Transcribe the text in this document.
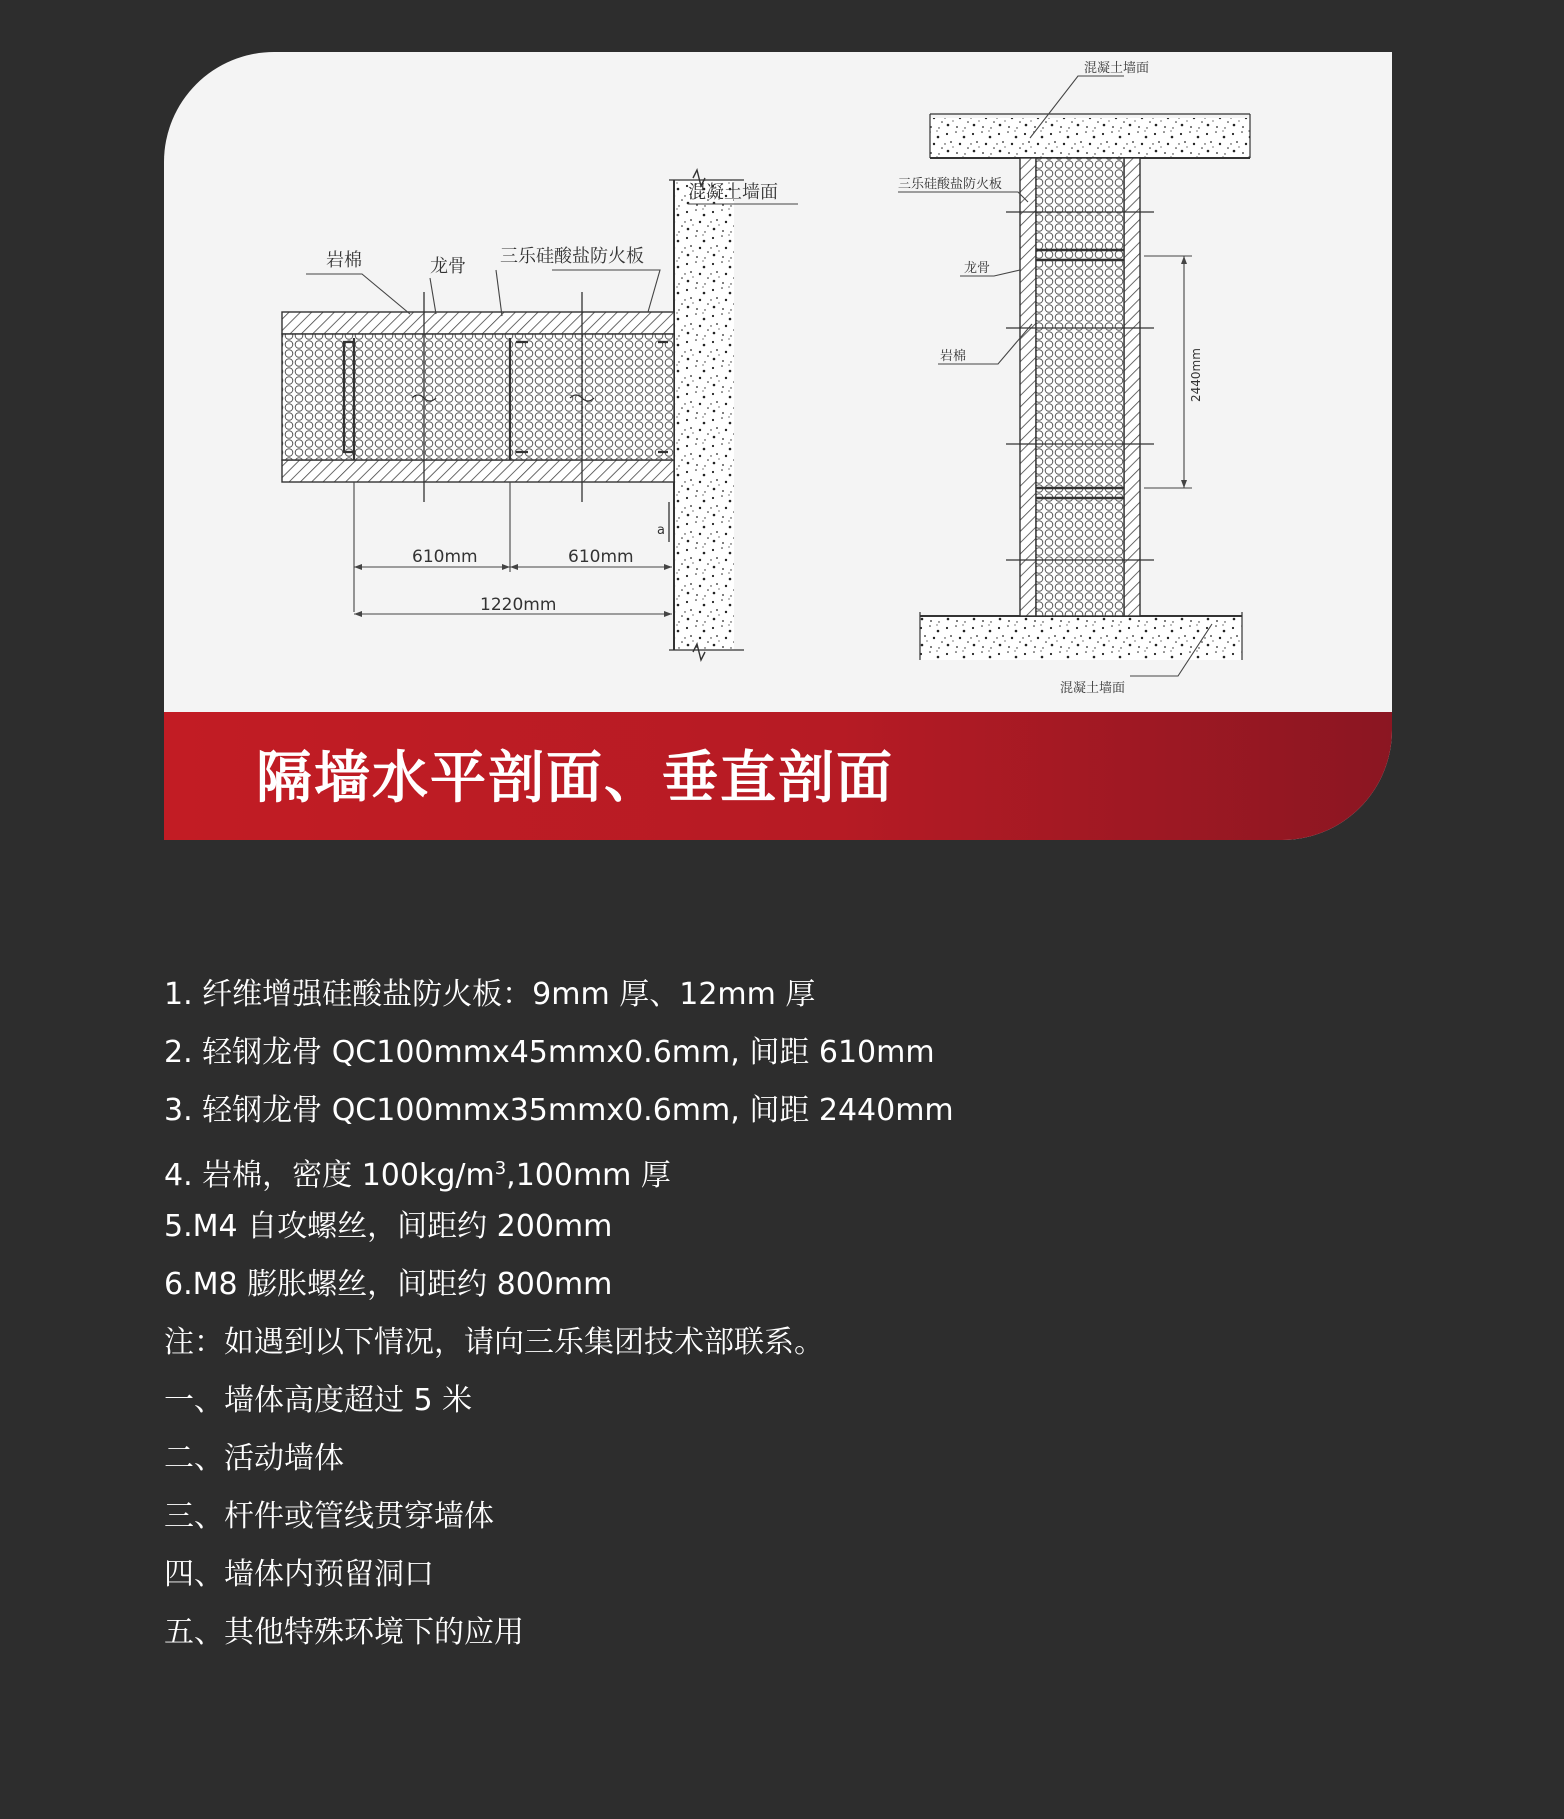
混凝土墙面
岩棉	龙骨 三乐硅酸盐防火板
610mm	610mm
1220mm
a
混凝土墙面
三乐硅酸盐防火板
龙骨
岩棉	2440mm
混凝土墙面
隔墙水平剖面、垂直剖面
1. 纤维增强硅酸盐防火板：9mm 厚、12mm 厚
2. 轻钢龙骨 QC100mmx45mmx0.6mm, 间距 610mm
3. 轻钢龙骨 QC100mmx35mmx0.6mm, 间距 2440mm
4. 岩棉，密度 $100kg/m^3,100mm$ 厚
5.M4 自攻螺丝，间距约 200mm
6.M8 膨胀螺丝，间距约 800mm
注：如遇到以下情况，请向三乐集团技术部联系。
一、墙体高度超过 5 米
二、活动墙体
三、杆件或管线贯穿墙体
四、墙体内预留洞口
五、其他特殊环境下的应用
